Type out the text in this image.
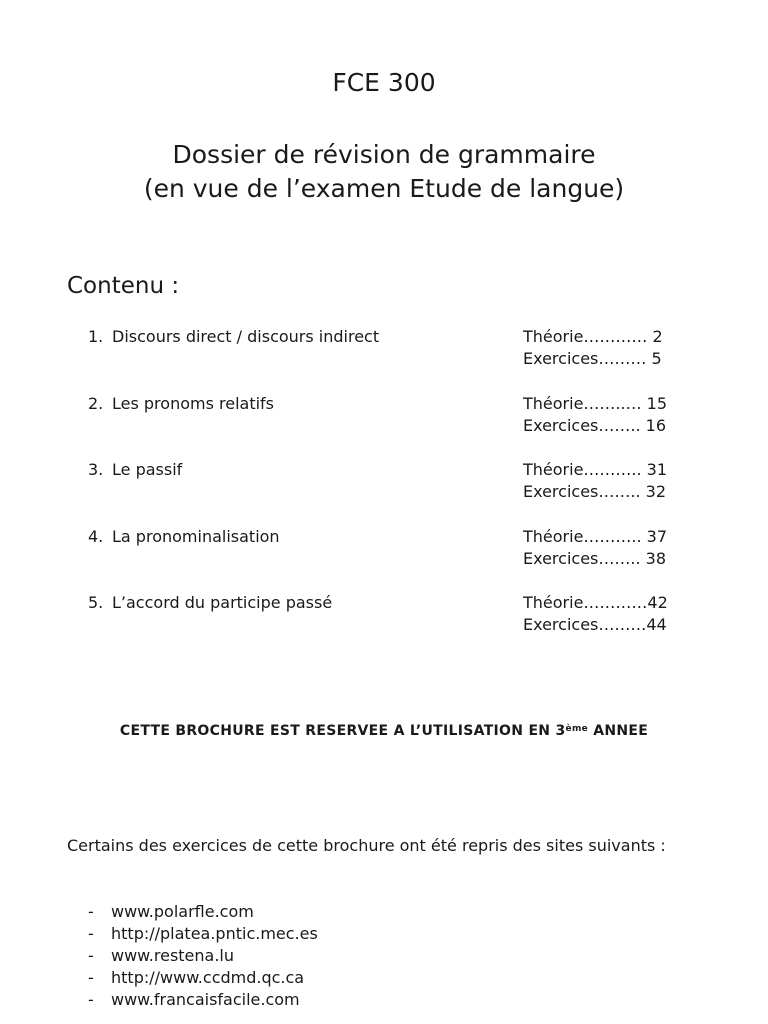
FCE 300
Dossier de révision de grammaire
(en vue de l’examen Etude de langue)
Contenu :
1. Discours direct / discours indirect	Théorie………… 2
Exercices……… 5
2. Les pronoms relatifs	Théorie……..… 15
Exercices…….. 16
3. Le passif	Théorie……….. 31
Exercices…….. 32
4. La pronominalisation	Théorie……….. 37
Exercices…….. 38
5. L’accord du participe passé	Théorie…………42
Exercices………44
CETTE BROCHURE EST RESERVEE A L’UTILISATION EN 3ème ANNEE
Certains des exercices de cette brochure ont été repris des sites suivants :
- www.polarfle.com
- http://platea.pntic.mec.es
- www.restena.lu
- http://www.ccdmd.qc.ca
- www.francaisfacile.com
